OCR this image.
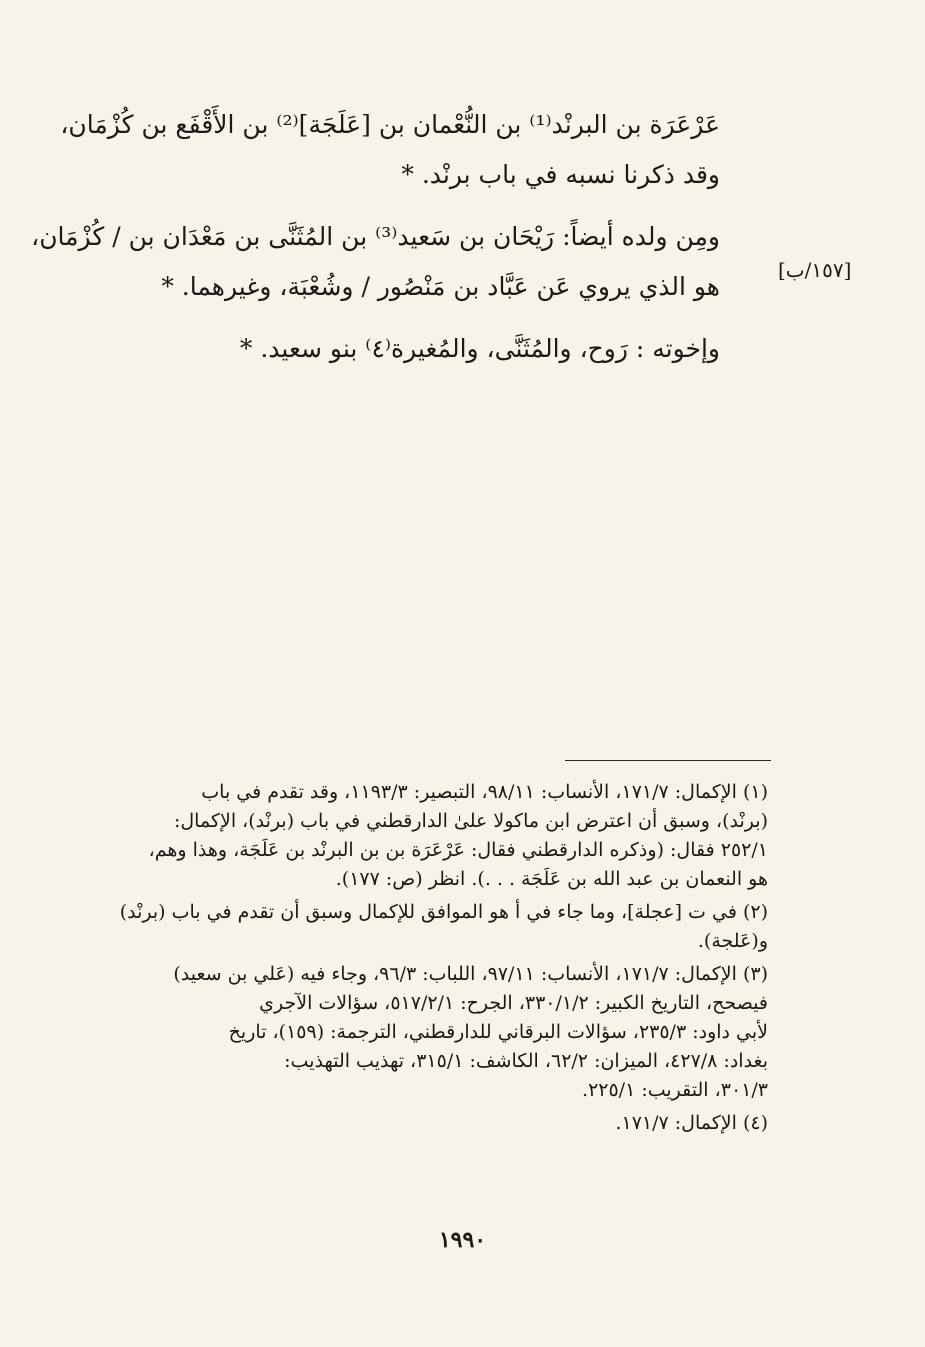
عَرْعَرَة بن البرنْد⁽¹⁾ بن النُّعْمان بن [عَلَجَة]⁽²⁾ بن الأَقْفَع بن كُزْمَان،
وقد ذكرنا نسبه في باب برنْد. *

ومِن ولده أيضاً: رَيْحَان بن سَعيد⁽³⁾ بن المُثَنَّى بن مَعْدَان بن / كُزْمَان،
هو الذي يروي عَن عَبَّاد بن مَنْصُور / وشُعْبَة، وغيرهما. *

وإخوته : رَوح، والمُثَنَّى، والمُغيرة⁽٤⁾ بنو سعيد. *

[١٥٧/ب]
(١) الإكمال: ١٧١/٧، الأنساب: ٩٨/١١، التبصير: ١١٩٣/٣، وقد تقدم في باب
(برنْد)، وسبق أن اعترض ابن ماكولا علىٰ الدارقطني في باب (برنْد)، الإكمال:
٢٥٢/١ فقال: (وذكره الدارقطني فقال: عَرْعَرَة بن بن البرنْد بن عَلَجَة، وهذا وهم،
هو النعمان بن عبد الله بن عَلَجَة . . .). انظر (ص: ١٧٧).
(٢) في ت [عجلة]، وما جاء في أ هو الموافق للإكمال وسبق أن تقدم في باب (برنْد)
و(عَلجة).
(٣) الإكمال: ١٧١/٧، الأنساب: ٩٧/١١، اللباب: ٩٦/٣، وجاء فيه (عَلي بن سعيد)
فيصحح، التاريخ الكبير: ٣٣٠/١/٢، الجرح: ٥١٧/٢/١، سؤالات الآجري
لأبي داود: ٢٣٥/٣، سؤالات البرقاني للدارقطني، الترجمة: (١٥٩)، تاريخ
بغداد: ٤٢٧/٨، الميزان: ٦٢/٢، الكاشف: ٣١٥/١، تهذيب التهذيب:
٣٠١/٣، التقريب: ٢٢٥/١.
(٤) الإكمال: ١٧١/٧.
١٩٩٠
